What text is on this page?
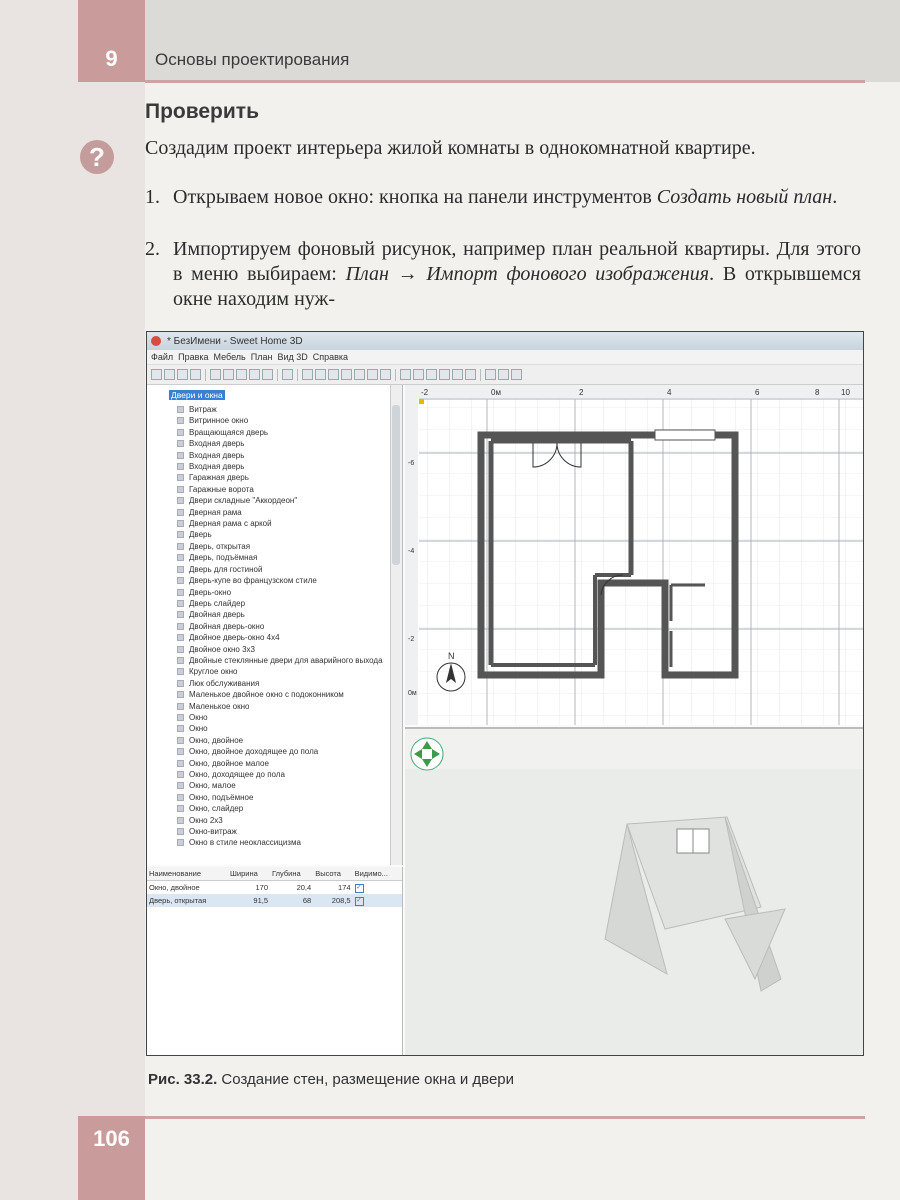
9	Основы проектирования
Проверить
?	Создадим проект интерьера жилой комнаты в однокомнатной квартире.
1. Открываем новое окно: кнопка на панели инструментов Создать новый план.
2. Импортируем фоновый рисунок, например план реальной квартиры. Для этого в меню выбираем: План → Импорт фонового изображения. В открывшемся окне находим нуж-
* БезИмени - Sweet Home 3D
Файл Правка Мебель План Вид 3D Справка
Двери и окна
Витраж
Витринное окно
Вращающаяся дверь
Входная дверь
Входная дверь
Входная дверь
Гаражная дверь
Гаражные ворота
Двери складные "Аккордеон"
Дверная рама
Дверная рама с аркой
Дверь
Дверь, открытая
Дверь, подъёмная
Дверь для гостиной
Дверь-купе во французском стиле
Дверь-окно
Дверь слайдер
Двойная дверь
Двойная дверь-окно
Двойное дверь-окно 4x4
Двойное окно 3x3
Двойные стеклянные двери для аварийного выхода
Круглое окно
Люк обслуживания
Маленькое двойное окно с подоконником
Маленькое окно
Окно
Окно
Окно, двойное
Окно, двойное доходящее до пола
Окно, двойное малое
Окно, доходящее до пола
Окно, малое
Окно, подъёмное
Окно, слайдер
Окно 2x3
Окно-витраж
Окно в стиле неоклассицизма
Наименование	Ширина	Глубина	Высота	Видимо...
Окно, двойное	170	20,4	174	✓
Дверь, открытая	91,5	68	208,5	✓
-2	0м	2	4	6	8	10
-6
-4
-2
0м
N
Рис. 33.2. Создание стен, размещение окна и двери
106
